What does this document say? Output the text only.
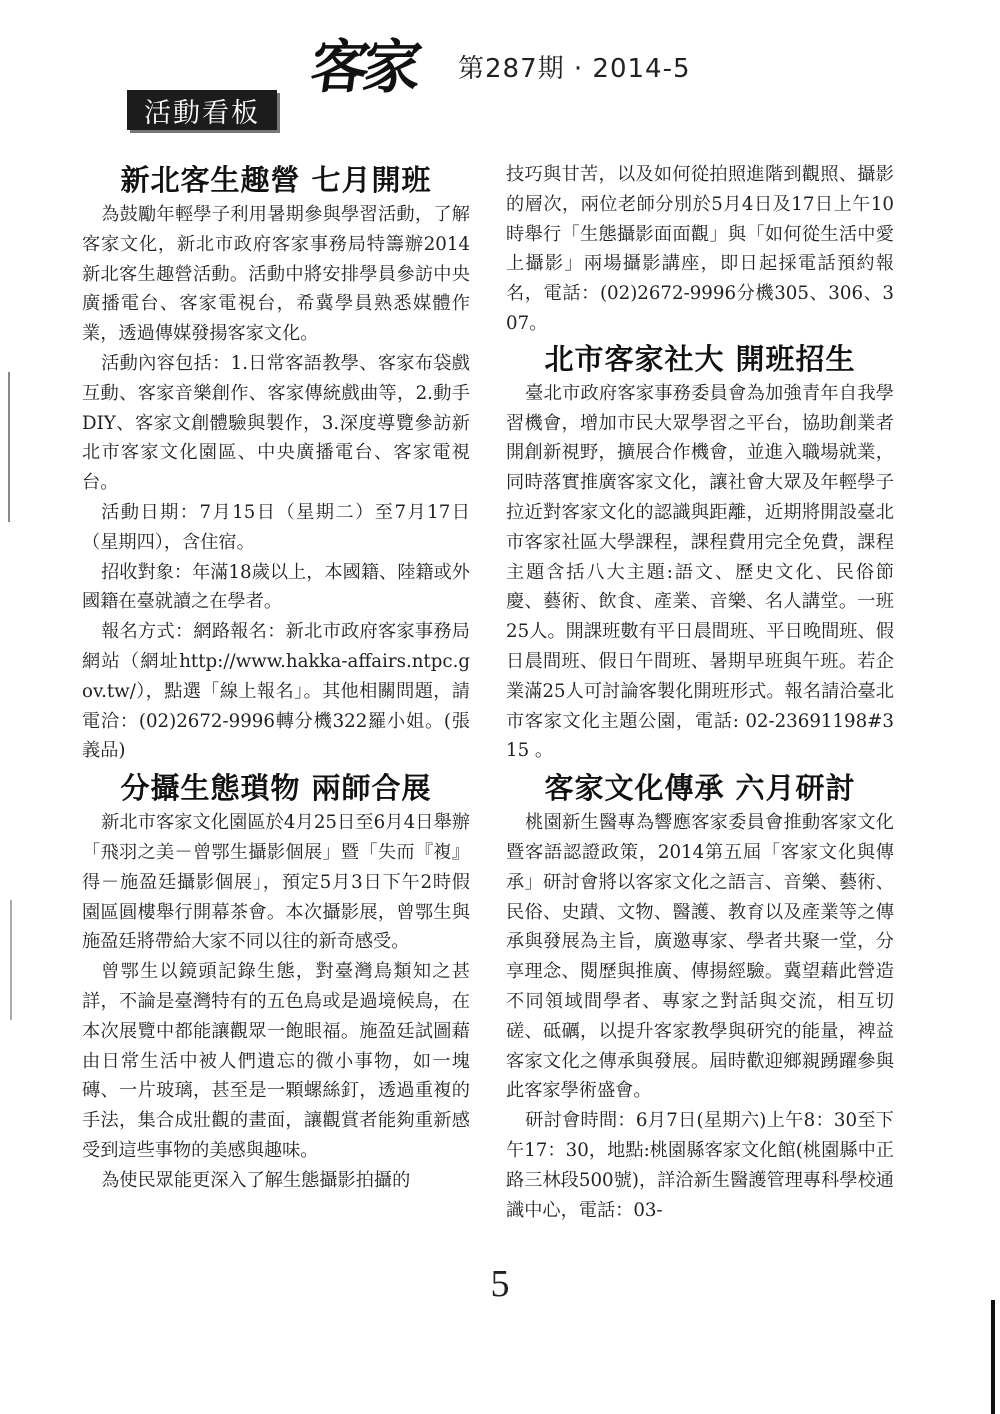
客家 第287期 · 2014-5
活動看板
新北客生趣營 七月開班

為鼓勵年輕學子利用暑期參與學習活動，了解客家文化，新北市政府客家事務局特籌辦2014新北客生趣營活動。活動中將安排學員參訪中央廣播電台、客家電視台，希冀學員熟悉媒體作業，透過傳媒發揚客家文化。

活動內容包括：1.日常客語教學、客家布袋戲互動、客家音樂創作、客家傳統戲曲等，2.動手DIY、客家文創體驗與製作，3.深度導覽參訪新北市客家文化園區、中央廣播電台、客家電視台。

活動日期：7月15日（星期二）至7月17日（星期四），含住宿。

招收對象：年滿18歲以上，本國籍、陸籍或外國籍在臺就讀之在學者。

報名方式：網路報名：新北市政府客家事務局網站（網址http://www.hakka-affairs.ntpc.gov.tw/），點選「線上報名」。其他相關問題，請電洽：(02)2672-9996轉分機322羅小姐。(張義品)

分攝生態瑣物 兩師合展

新北市客家文化園區於4月25日至6月4日舉辦「飛羽之美－曾鄂生攝影個展」暨「失而『複』得－施盈廷攝影個展」，預定5月3日下午2時假園區圓樓舉行開幕茶會。本次攝影展，曾鄂生與施盈廷將帶給大家不同以往的新奇感受。

曾鄂生以鏡頭記錄生態，對臺灣鳥類知之甚詳，不論是臺灣特有的五色鳥或是過境候鳥，在本次展覽中都能讓觀眾一飽眼福。施盈廷試圖藉由日常生活中被人們遺忘的微小事物，如一塊磚、一片玻璃，甚至是一顆螺絲釘，透過重複的手法，集合成壯觀的畫面，讓觀賞者能夠重新感受到這些事物的美感與趣味。

為使民眾能更深入了解生態攝影拍攝的

技巧與甘苦，以及如何從拍照進階到觀照、攝影的層次，兩位老師分別於5月4日及17日上午10時舉行「生態攝影面面觀」與「如何從生活中愛上攝影」兩場攝影講座，即日起採電話預約報名，電話：(02)2672-9996分機305、306、307。

北市客家社大 開班招生

臺北市政府客家事務委員會為加強青年自我學習機會，增加市民大眾學習之平台，協助創業者開創新視野，擴展合作機會，並進入職場就業，同時落實推廣客家文化，讓社會大眾及年輕學子拉近對客家文化的認識與距離，近期將開設臺北市客家社區大學課程，課程費用完全免費，課程主題含括八大主題:語文、歷史文化、民俗節慶、藝術、飲食、產業、音樂、名人講堂。一班25人。開課班數有平日晨間班、平日晚間班、假日晨間班、假日午間班、暑期早班與午班。若企業滿25人可討論客製化開班形式。報名請洽臺北市客家文化主題公園，電話: 02-23691198#315 。

客家文化傳承 六月研討

桃園新生醫專為響應客家委員會推動客家文化暨客語認證政策，2014第五屆「客家文化與傳承」研討會將以客家文化之語言、音樂、藝術、民俗、史蹟、文物、醫護、教育以及產業等之傳承與發展為主旨，廣邀專家、學者共聚一堂，分享理念、閱歷與推廣、傳揚經驗。冀望藉此營造不同領域間學者、專家之對話與交流，相互切磋、砥礪，以提升客家教學與研究的能量，裨益客家文化之傳承與發展。屆時歡迎鄉親踴躍參與此客家學術盛會。

研討會時間：6月7日(星期六)上午8：30至下午17：30，地點:桃園縣客家文化館(桃園縣中正路三林段500號)，詳洽新生醫護管理專科學校通識中心，電話：03-

5
